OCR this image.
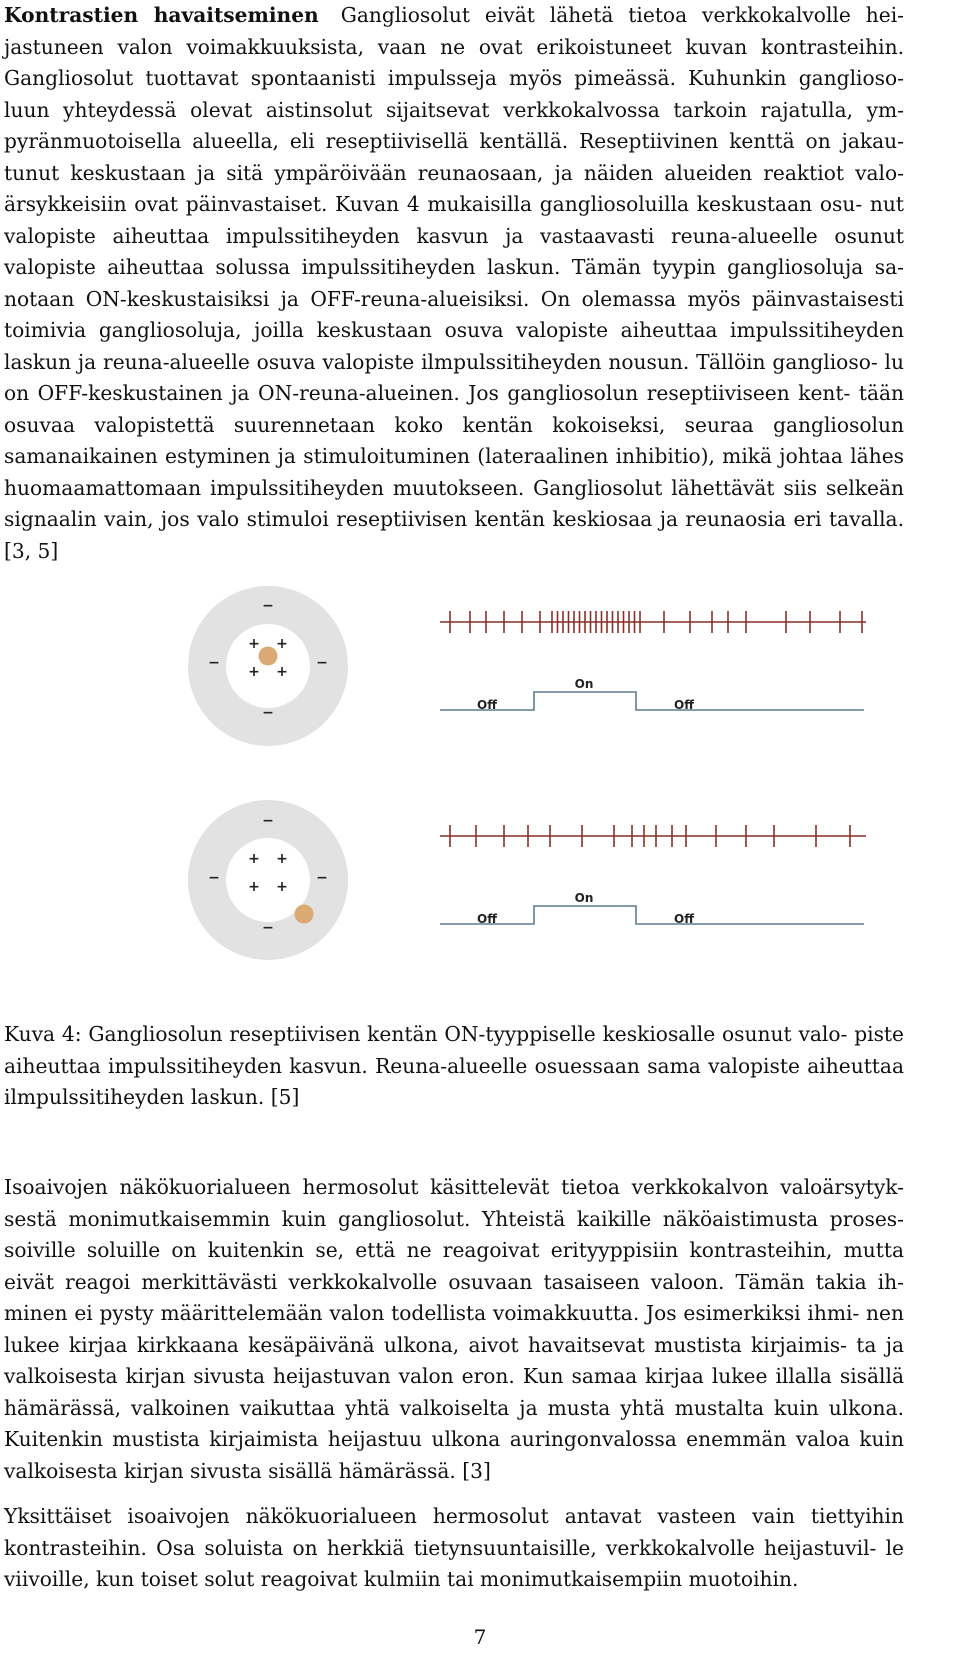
Kontrastien havaitseminen Gangliosolut eivät lähetä tietoa verkkokalvolle hei- jastuneen valon voimakkuuksista, vaan ne ovat erikoistuneet kuvan kontrasteihin. Gangliosolut tuottavat spontaanisti impulsseja myös pimeässä. Kuhunkin ganglioso- luun yhteydessä olevat aistinsolut sijaitsevat verkkokalvossa tarkoin rajatulla, ym- pyränmuotoisella alueella, eli reseptiivisellä kentällä. Reseptiivinen kenttä on jakau- tunut keskustaan ja sitä ympäröivään reunaosaan, ja näiden alueiden reaktiot valo- ärsykkeisiin ovat päinvastaiset. Kuvan 4 mukaisilla gangliosoluilla keskustaan osu- nut valopiste aiheuttaa impulssitiheyden kasvun ja vastaavasti reuna-alueelle osunut valopiste aiheuttaa solussa impulssitiheyden laskun. Tämän tyypin gangliosoluja sa- notaan ON-keskustaisiksi ja OFF-reuna-alueisiksi. On olemassa myös päinvastaisesti toimivia gangliosoluja, joilla keskustaan osuva valopiste aiheuttaa impulssitiheyden laskun ja reuna-alueelle osuva valopiste ilmpulssitiheyden nousun. Tällöin ganglioso- lu on OFF-keskustainen ja ON-reuna-alueinen. Jos gangliosolun reseptiiviseen kent- tään osuvaa valopistettä suurennetaan koko kentän kokoiseksi, seuraa gangliosolun samanaikainen estyminen ja stimuloituminen (lateraalinen inhibitio), mikä johtaa lähes huomaamattomaan impulssitiheyden muutokseen. Gangliosolut lähettävät siis selkeän signaalin vain, jos valo stimuloi reseptiivisen kentän keskiosaa ja reunaosia eri tavalla. [3, 5]

+ +
+ +
−
−	−
−
On
Off	Off
+ +
+ +
−
−	−
−
On
Off	Off

Kuva 4: Gangliosolun reseptiivisen kentän ON-tyyppiselle keskiosalle osunut valo- piste aiheuttaa impulssitiheyden kasvun. Reuna-alueelle osuessaan sama valopiste aiheuttaa ilmpulssitiheyden laskun. [5]

Isoaivojen näkökuorialueen hermosolut käsittelevät tietoa verkkokalvon valoärsytyk- sestä monimutkaisemmin kuin gangliosolut. Yhteistä kaikille näköaistimusta proses- soiville soluille on kuitenkin se, että ne reagoivat erityyppisiin kontrasteihin, mutta eivät reagoi merkittävästi verkkokalvolle osuvaan tasaiseen valoon. Tämän takia ih- minen ei pysty määrittelemään valon todellista voimakkuutta. Jos esimerkiksi ihmi- nen lukee kirjaa kirkkaana kesäpäivänä ulkona, aivot havaitsevat mustista kirjaimis- ta ja valkoisesta kirjan sivusta heijastuvan valon eron. Kun samaa kirjaa lukee illalla sisällä hämärässä, valkoinen vaikuttaa yhtä valkoiselta ja musta yhtä mustalta kuin ulkona. Kuitenkin mustista kirjaimista heijastuu ulkona auringonvalossa enemmän valoa kuin valkoisesta kirjan sivusta sisällä hämärässä. [3]

Yksittäiset isoaivojen näkökuorialueen hermosolut antavat vasteen vain tiettyihin kontrasteihin. Osa soluista on herkkiä tietynsuuntaisille, verkkokalvolle heijastuvil- le viivoille, kun toiset solut reagoivat kulmiin tai monimutkaisempiin muotoihin.

7
